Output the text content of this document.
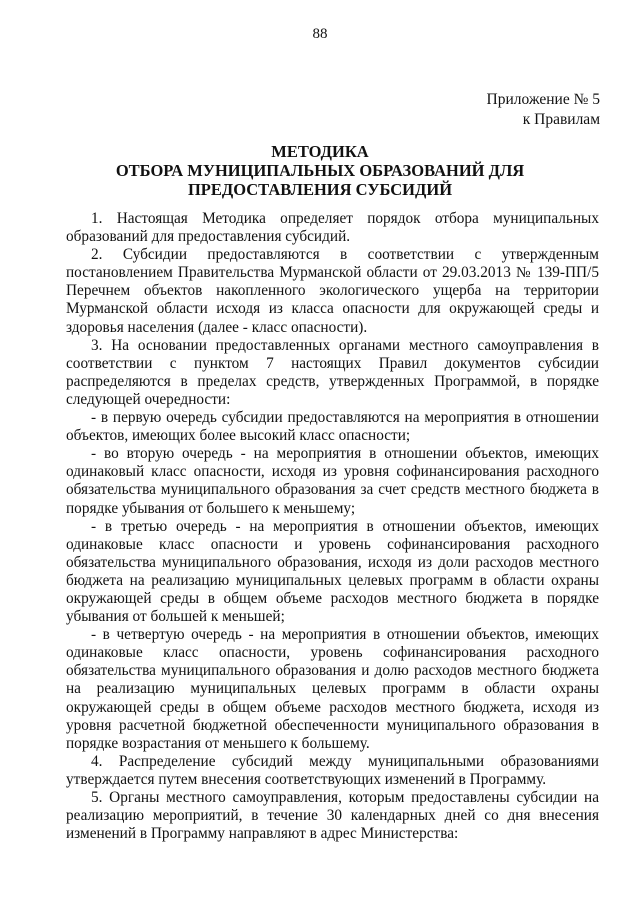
88
Приложение № 5
к Правилам
МЕТОДИКА
ОТБОРА МУНИЦИПАЛЬНЫХ ОБРАЗОВАНИЙ ДЛЯ
ПРЕДОСТАВЛЕНИЯ СУБСИДИЙ

1. Настоящая Методика определяет порядок отбора муниципальных образований для предоставления субсидий.

2. Субсидии предоставляются в соответствии с утвержденным постановлением Правительства Мурманской области от 29.03.2013 № 139-ПП/5 Перечнем объектов накопленного экологического ущерба на территории Мурманской области исходя из класса опасности для окружающей среды и здоровья населения (далее - класс опасности).

3. На основании предоставленных органами местного самоуправления в соответствии с пунктом 7 настоящих Правил документов субсидии распределяются в пределах средств, утвержденных Программой, в порядке следующей очередности:

- в первую очередь субсидии предоставляются на мероприятия в отношении объектов, имеющих более высокий класс опасности;

- во вторую очередь - на мероприятия в отношении объектов, имеющих одинаковый класс опасности, исходя из уровня софинансирования расходного обязательства муниципального образования за счет средств местного бюджета в порядке убывания от большего к меньшему;

- в третью очередь - на мероприятия в отношении объектов, имеющих одинаковые класс опасности и уровень софинансирования расходного обязательства муниципального образования, исходя из доли расходов местного бюджета на реализацию муниципальных целевых программ в области охраны окружающей среды в общем объеме расходов местного бюджета в порядке убывания от большей к меньшей;

- в четвертую очередь - на мероприятия в отношении объектов, имеющих одинаковые класс опасности, уровень софинансирования расходного обязательства муниципального образования и долю расходов местного бюджета на реализацию муниципальных целевых программ в области охраны окружающей среды в общем объеме расходов местного бюджета, исходя из уровня расчетной бюджетной обеспеченности муниципального образования в порядке возрастания от меньшего к большему.

4. Распределение субсидий между муниципальными образованиями утверждается путем внесения соответствующих изменений в Программу.

5. Органы местного самоуправления, которым предоставлены субсидии на реализацию мероприятий, в течение 30 календарных дней со дня внесения изменений в Программу направляют в адрес Министерства:
